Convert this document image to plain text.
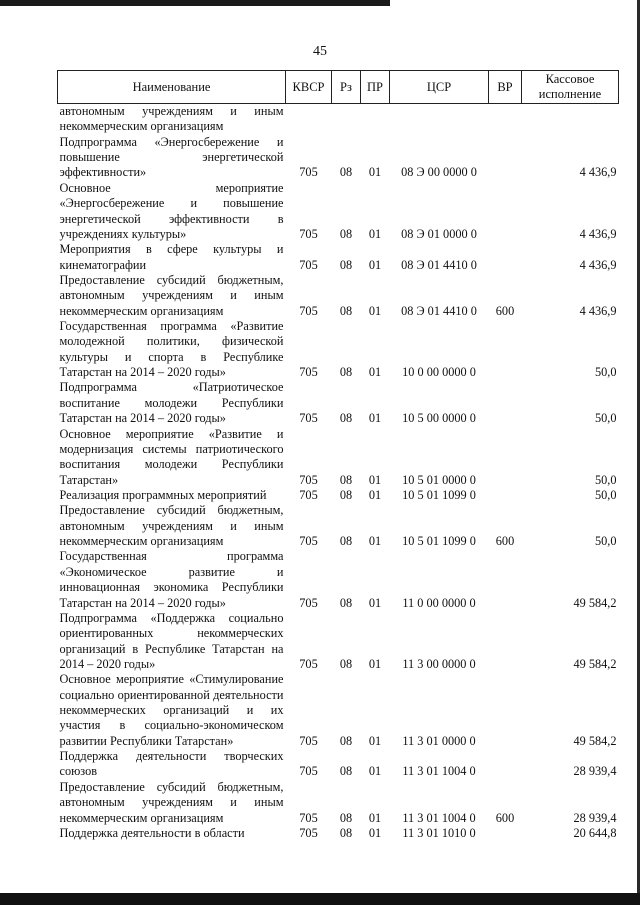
45
Наименование	КВСР	Рз	ПР	ЦСР	ВР	Кассовое исполнение
автономным учреждениям и иным некоммерческим организациям						
Подпрограмма «Энергосбережение и повышение энергетической эффективности»	705	08	01	08 Э 00 0000 0		4 436,9
Основное мероприятие «Энергосбережение и повышение энергетической эффективности в учреждениях культуры»	705	08	01	08 Э 01 0000 0		4 436,9
Мероприятия в сфере культуры и кинематографии	705	08	01	08 Э 01 4410 0		4 436,9
Предоставление субсидий бюджетным, автономным учреждениям и иным некоммерческим организациям	705	08	01	08 Э 01 4410 0	600	4 436,9
Государственная программа «Развитие молодежной политики, физической культуры и спорта в Республике Татарстан на 2014 – 2020 годы»	705	08	01	10 0 00 0000 0		50,0
Подпрограмма «Патриотическое воспитание молодежи Республики Татарстан на 2014 – 2020 годы»	705	08	01	10 5 00 0000 0		50,0
Основное мероприятие «Развитие и модернизация системы патриотического воспитания молодежи Республики Татарстан»	705	08	01	10 5 01 0000 0		50,0
Реализация программных мероприятий	705	08	01	10 5 01 1099 0		50,0
Предоставление субсидий бюджетным, автономным учреждениям и иным некоммерческим организациям	705	08	01	10 5 01 1099 0	600	50,0
Государственная программа «Экономическое развитие и инновационная экономика Республики Татарстан на 2014 – 2020 годы»	705	08	01	11 0 00 0000 0		49 584,2
Подпрограмма «Поддержка социально ориентированных некоммерческих организаций в Республике Татарстан на 2014 – 2020 годы»	705	08	01	11 3 00 0000 0		49 584,2
Основное мероприятие «Стимулирование социально ориентированной деятельности некоммерческих организаций и их участия в социально-экономическом развитии Республики Татарстан»	705	08	01	11 3 01 0000 0		49 584,2
Поддержка деятельности творческих союзов	705	08	01	11 3 01 1004 0		28 939,4
Предоставление субсидий бюджетным, автономным учреждениям и иным некоммерческим организациям	705	08	01	11 3 01 1004 0	600	28 939,4
Поддержка деятельности в области	705	08	01	11 3 01 1010 0		20 644,8
